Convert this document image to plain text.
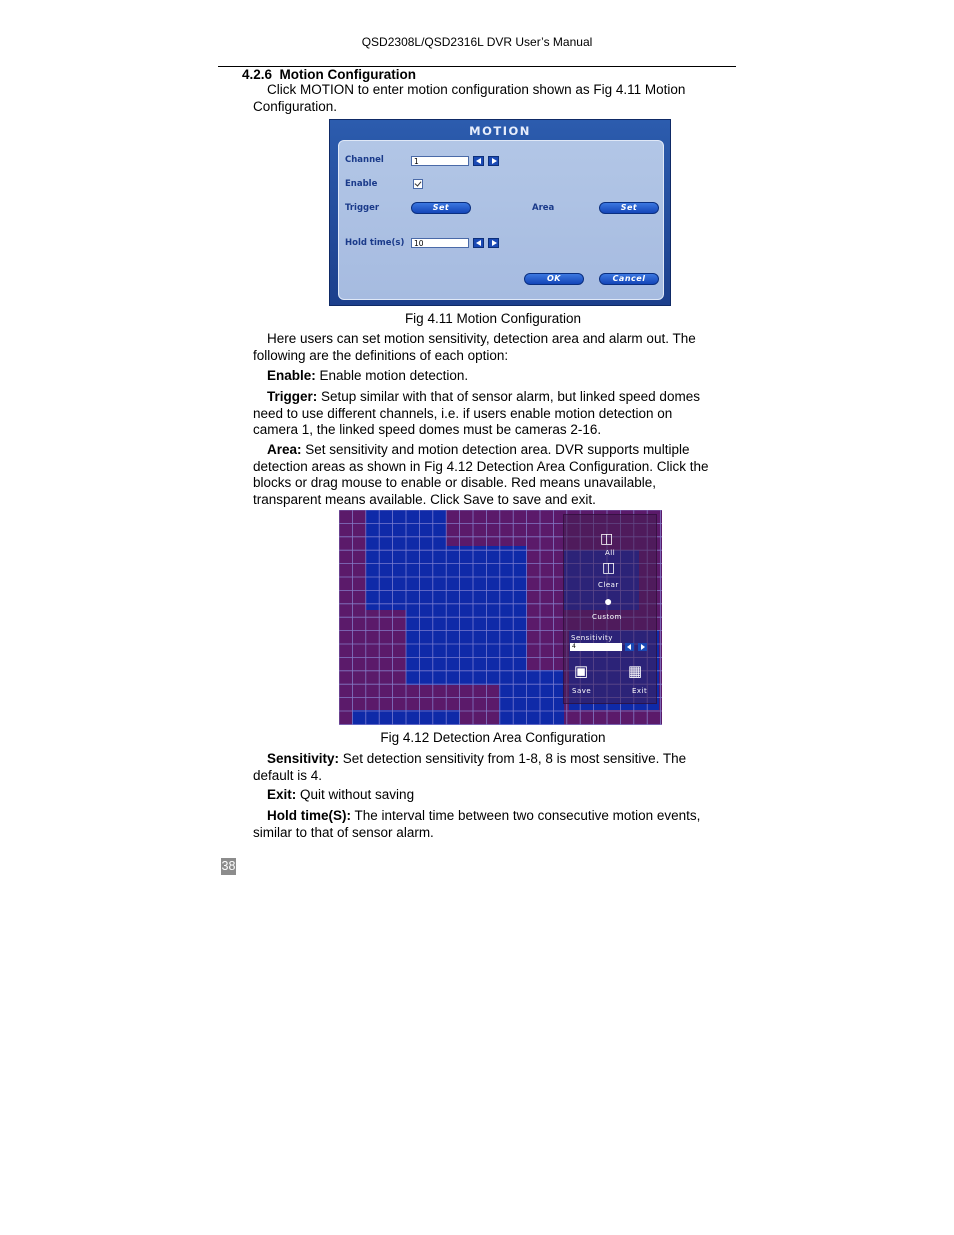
QSD2308L/QSD2316L DVR User’s Manual
4.2.6 Motion Configuration
Click MOTION to enter motion configuration shown as Fig 4.11 Motion
Configuration.
MOTION
Channel	1
Enable
Trigger	Set	Area	Set
Hold time(s)	10
OK	Cancel
Fig 4.11 Motion Configuration
Here users can set motion sensitivity, detection area and alarm out. The
following are the definitions of each option:
Enable: Enable motion detection.
Trigger: Setup similar with that of sensor alarm, but linked speed domes
need to use different channels, i.e. if users enable motion detection on
camera 1, the linked speed domes must be cameras 2-16.
Area: Set sensitivity and motion detection area. DVR supports multiple
detection areas as shown in Fig 4.12 Detection Area Configuration. Click the
blocks or drag mouse to enable or disable. Red means unavailable,
transparent means available. Click Save to save and exit.
◫
All
◫
Clear
●
Custom
Sensitivity
4
▣
Save
▦
Exit
Fig 4.12 Detection Area Configuration
Sensitivity: Set detection sensitivity from 1-8, 8 is most sensitive. The
default is 4.
Exit: Quit without saving
Hold time(S): The interval time between two consecutive motion events,
similar to that of sensor alarm.
38
